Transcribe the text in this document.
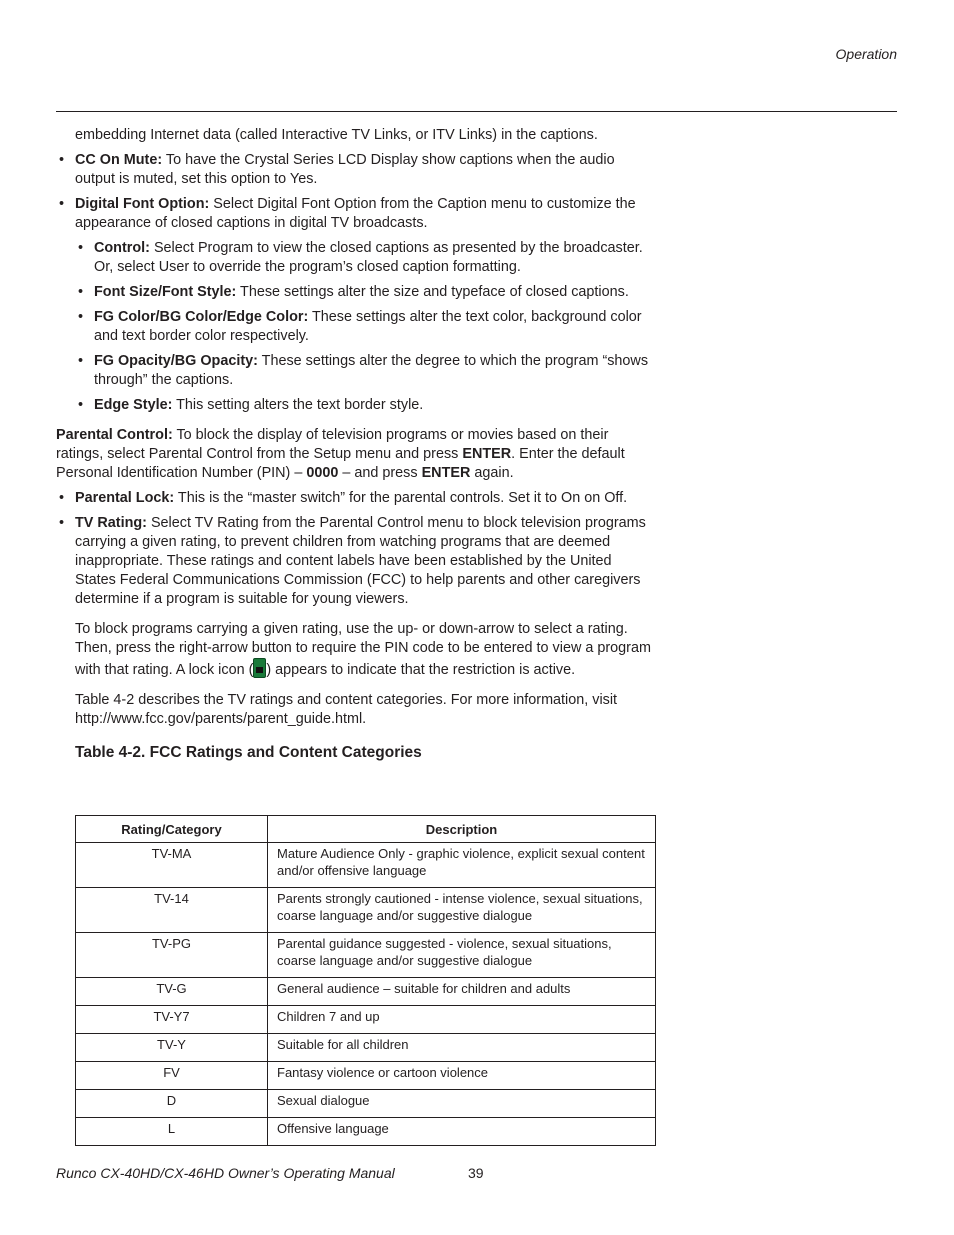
Operation

embedding Internet data (called Interactive TV Links, or ITV Links) in the captions.

• CC On Mute: To have the Crystal Series LCD Display show captions when the audio output is muted, set this option to Yes.
• Digital Font Option: Select Digital Font Option from the Caption menu to customize the appearance of closed captions in digital TV broadcasts.
• Control: Select Program to view the closed captions as presented by the broadcaster. Or, select User to override the program’s closed caption formatting.
• Font Size/Font Style: These settings alter the size and typeface of closed captions.
• FG Color/BG Color/Edge Color: These settings alter the text color, background color and text border color respectively.
• FG Opacity/BG Opacity: These settings alter the degree to which the program “shows through” the captions.
• Edge Style: This setting alters the text border style.

Parental Control: To block the display of television programs or movies based on their ratings, select Parental Control from the Setup menu and press ENTER. Enter the default Personal Identification Number (PIN) – 0000 – and press ENTER again.

• Parental Lock: This is the “master switch” for the parental controls. Set it to On on Off.
• TV Rating: Select TV Rating from the Parental Control menu to block television programs carrying a given rating, to prevent children from watching programs that are deemed inappropriate. These ratings and content labels have been established by the United States Federal Communications Commission (FCC) to help parents and other caregivers determine if a program is suitable for young viewers.

To block programs carrying a given rating, use the up- or down-arrow to select a rating. Then, press the right-arrow button to require the PIN code to be entered to view a program with that rating. A lock icon ( ) appears to indicate that the restriction is active.

Table 4-2 describes the TV ratings and content categories. For more information, visit http://www.fcc.gov/parents/parent_guide.html.

Table 4-2. FCC Ratings and Content Categories
Rating/Category	Description
TV-MA	Mature Audience Only - graphic violence, explicit sexual content and/or offensive language
TV-14	Parents strongly cautioned - intense violence, sexual situations, coarse language and/or suggestive dialogue
TV-PG	Parental guidance suggested - violence, sexual situations, coarse language and/or suggestive dialogue
TV-G	General audience – suitable for children and adults
TV-Y7	Children 7 and up
TV-Y	Suitable for all children
FV	Fantasy violence or cartoon violence
D	Sexual dialogue
L	Offensive language
Runco CX-40HD/CX-46HD Owner’s Operating Manual	39
